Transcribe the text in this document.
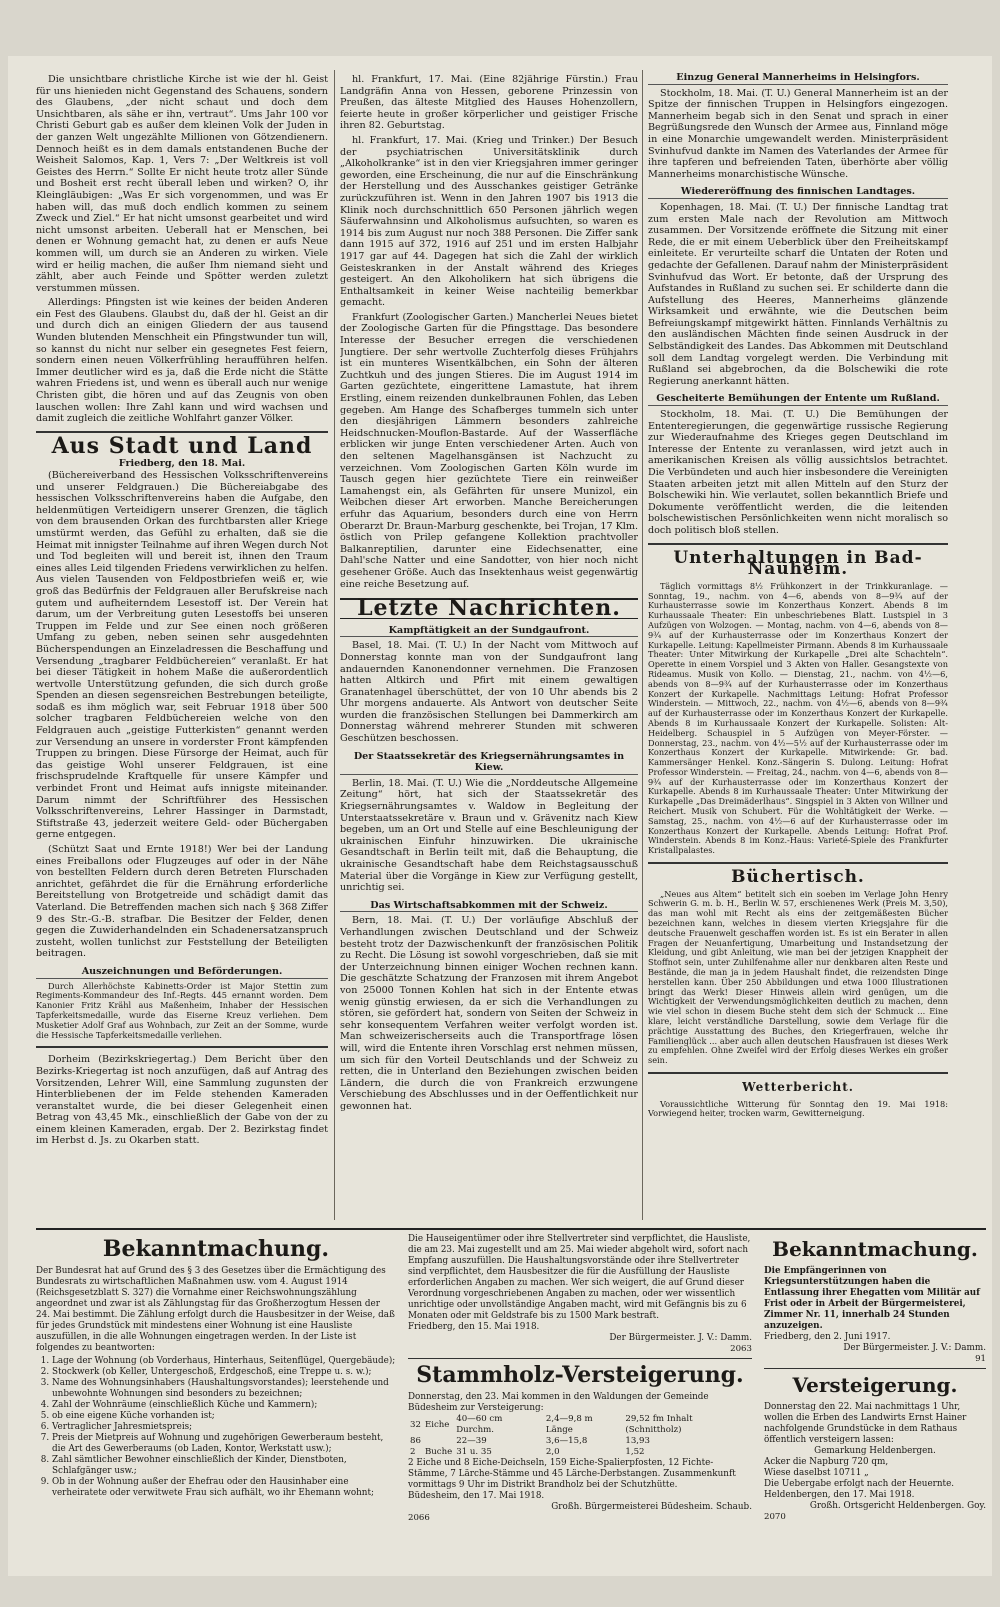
Die unsichtbare christliche Kirche ist wie der hl. Geist für uns hienieden nicht Gegenstand des Schauens, sondern des Glaubens, „der nicht schaut und doch dem Unsichtbaren, als sähe er ihn, vertraut“. Ums Jahr 100 vor Christi Geburt gab es außer dem kleinen Volk der Juden in der ganzen Welt ungezählte Millionen von Götzendienern. Dennoch heißt es in dem damals entstandenen Buche der Weisheit Salomos, Kap. 1, Vers 7: „Der Weltkreis ist voll Geistes des Herrn.“ Sollte Er nicht heute trotz aller Sünde und Bosheit erst recht überall leben und wirken? O, ihr Kleingläubigen: „Was Er sich vorgenommen, und was Er haben will, das muß doch endlich kommen zu seinem Zweck und Ziel.“ Er hat nicht umsonst gearbeitet und wird nicht umsonst arbeiten. Ueberall hat er Menschen, bei denen er Wohnung gemacht hat, zu denen er aufs Neue kommen will, um durch sie an Anderen zu wirken. Viele wird er heilig machen, die außer Ihm niemand sieht und zählt, aber auch Feinde und Spötter werden zuletzt verstummen müssen.

Allerdings: Pfingsten ist wie keines der beiden Anderen ein Fest des Glaubens. Glaubst du, daß der hl. Geist an dir und durch dich an einigen Gliedern der aus tausend Wunden blutenden Menschheit ein Pfingstwunder tun will, so kannst du nicht nur selber ein gesegnetes Fest feiern, sondern einen neuen Völkerfrühling heraufführen helfen. Immer deutlicher wird es ja, daß die Erde nicht die Stätte wahren Friedens ist, und wenn es überall auch nur wenige Christen gibt, die hören und auf das Zeugnis von oben lauschen wollen: Ihre Zahl kann und wird wachsen und damit zugleich die zeitliche Wohlfahrt ganzer Völker.

Aus Stadt und Land
Friedberg, den 18. Mai.

(Büchereiverband des Hessischen Volksschriftenvereins und unserer Feldgrauen.) Die Büchereiabgabe des hessischen Volksschriftenvereins haben die Aufgabe, den heldenmütigen Verteidigern unserer Grenzen, die täglich von dem brausenden Orkan des furchtbarsten aller Kriege umstürmt werden, das Gefühl zu erhalten, daß sie die Heimat mit innigster Teilnahme auf ihren Wegen durch Not und Tod begleiten will und bereit ist, ihnen den Traum eines alles Leid tilgenden Friedens verwirklichen zu helfen. Aus vielen Tausenden von Feldpostbriefen weiß er, wie groß das Bedürfnis der Feldgrauen aller Berufskreise nach gutem und aufheiterndem Lesestoff ist. Der Verein hat darum, um der Verbreitung guten Lesestoffs bei unseren Truppen im Felde und zur See einen noch größeren Umfang zu geben, neben seinen sehr ausgedehnten Bücherspendungen an Einzeladressen die Beschaffung und Versendung „tragbarer Feldbüchereien“ veranlaßt. Er hat bei dieser Tätigkeit in hohem Maße die außerordentlich wertvolle Unterstützung gefunden, die sich durch große Spenden an diesen segensreichen Bestrebungen beteiligte, sodaß es ihm möglich war, seit Februar 1918 über 500 solcher tragbaren Feldbüchereien welche von den Feldgrauen auch „geistige Futterkisten“ genannt werden zur Versendung an unsere in vorderster Front kämpfenden Truppen zu bringen. Diese Fürsorge der Heimat, auch für das geistige Wohl unserer Feldgrauen, ist eine frischsprudelnde Kraftquelle für unsere Kämpfer und verbindet Front und Heimat aufs innigste miteinander. Darum nimmt der Schriftführer des Hessischen Volksschriftenvereins, Lehrer Hassinger in Darmstadt, Stiftstraße 43, jederzeit weitere Geld- oder Büchergaben gerne entgegen.

(Schützt Saat und Ernte 1918!) Wer bei der Landung eines Freiballons oder Flugzeuges auf oder in der Nähe von bestellten Feldern durch deren Betreten Flurschaden anrichtet, gefährdet die für die Ernährung erforderliche Bereitstellung von Brotgetreide und schädigt damit das Vaterland. Die Betreffenden machen sich nach § 368 Ziffer 9 des Str.-G.-B. strafbar. Die Besitzer der Felder, denen gegen die Zuwiderhandelnden ein Schadenersatzanspruch zusteht, wollen tunlichst zur Feststellung der Beteiligten beitragen.

Auszeichnungen und Beförderungen.

Durch Allerhöchste Kabinetts-Order ist Major Stettin zum Regiments-Kommandeur des Inf.-Regts. 445 ernannt worden. Dem Kanonier Fritz Krähl aus Maßenheim, Inhaber der Hessischen Tapferkeitsmedaille, wurde das Eiserne Kreuz verliehen. Dem Musketier Adolf Graf aus Wohnbach, zur Zeit an der Somme, wurde die Hessische Tapferkeitsmedaille verliehen.

Dorheim (Bezirkskriegertag.) Dem Bericht über den Bezirks-Kriegertag ist noch anzufügen, daß auf Antrag des Vorsitzenden, Lehrer Will, eine Sammlung zugunsten der Hinterbliebenen der im Felde stehenden Kameraden veranstaltet wurde, die bei dieser Gelegenheit einen Betrag von 43,45 Mk., einschließlich der Gabe von der zu einem kleinen Kameraden, ergab. Der 2. Bezirkstag findet im Herbst d. Js. zu Okarben statt.

hl. Frankfurt, 17. Mai. (Eine 82jährige Fürstin.) Frau Landgräfin Anna von Hessen, geborene Prinzessin von Preußen, das älteste Mitglied des Hauses Hohenzollern, feierte heute in großer körperlicher und geistiger Frische ihren 82. Geburtstag.

hl. Frankfurt, 17. Mai. (Krieg und Trinker.) Der Besuch der psychiatrischen Universitätsklinik durch „Alkoholkranke“ ist in den vier Kriegsjahren immer geringer geworden, eine Erscheinung, die nur auf die Einschränkung der Herstellung und des Ausschankes geistiger Getränke zurückzuführen ist. Wenn in den Jahren 1907 bis 1913 die Klinik noch durchschnittlich 650 Personen jährlich wegen Säuferwahnsinn und Alkoholismus aufsuchten, so waren es 1914 bis zum August nur noch 388 Personen. Die Ziffer sank dann 1915 auf 372, 1916 auf 251 und im ersten Halbjahr 1917 gar auf 44. Dagegen hat sich die Zahl der wirklich Geisteskranken in der Anstalt während des Krieges gesteigert. An den Alkoholikern hat sich übrigens die Enthaltsamkeit in keiner Weise nachteilig bemerkbar gemacht.

Frankfurt (Zoologischer Garten.) Mancherlei Neues bietet der Zoologische Garten für die Pfingsttage. Das besondere Interesse der Besucher erregen die verschiedenen Jungtiere. Der sehr wertvolle Zuchterfolg dieses Frühjahrs ist ein munteres Wisentkälbchen, ein Sohn der älteren Zuchtkuh und des jungen Stieres. Die im August 1914 im Garten gezüchtete, eingerittene Lamastute, hat ihrem Erstling, einem reizenden dunkelbraunen Fohlen, das Leben gegeben. Am Hange des Schafberges tummeln sich unter den diesjährigen Lämmern besonders zahlreiche Heidschnucken-Mouflon-Bastarde. Auf der Wasserfläche erblicken wir junge Enten verschiedener Arten. Auch von den seltenen Magelhansgänsen ist Nachzucht zu verzeichnen. Vom Zoologischen Garten Köln wurde im Tausch gegen hier gezüchtete Tiere ein reinweißer Lamahengst ein, als Gefährten für unsere Munizol, ein Weibchen dieser Art erworben. Manche Bereicherungen erfuhr das Aquarium, besonders durch eine von Herrn Oberarzt Dr. Braun-Marburg geschenkte, bei Trojan, 17 Klm. östlich von Prilep gefangene Kollektion prachtvoller Balkanreptilien, darunter eine Eidechsenatter, eine Dahl'sche Natter und eine Sandotter, von hier noch nicht gesehener Größe. Auch das Insektenhaus weist gegenwärtig eine reiche Besetzung auf.

Letzte Nachrichten.
Kampftätigkeit an der Sundgaufront.

Basel, 18. Mai. (T. U.) In der Nacht vom Mittwoch auf Donnerstag konnte man von der Sundgaufront lang andauernden Kanonendonner vernehmen. Die Franzosen hatten Altkirch und Pfirt mit einem gewaltigen Granatenhagel überschüttet, der von 10 Uhr abends bis 2 Uhr morgens andauerte. Als Antwort von deutscher Seite wurden die französischen Stellungen bei Dammerkirch am Donnerstag während mehrerer Stunden mit schweren Geschützen beschossen.

Der Staatssekretär des Kriegsernährungsamtes in Kiew.

Berlin, 18. Mai. (T. U.) Wie die „Norddeutsche Allgemeine Zeitung“ hört, hat sich der Staatssekretär des Kriegsernährungsamtes v. Waldow in Begleitung der Unterstaatssekretäre v. Braun und v. Grävenitz nach Kiew begeben, um an Ort und Stelle auf eine Beschleunigung der ukrainischen Einfuhr hinzuwirken. Die ukrainische Gesandtschaft in Berlin teilt mit, daß die Behauptung, die ukrainische Gesandtschaft habe dem Reichstagsausschuß Material über die Vorgänge in Kiew zur Verfügung gestellt, unrichtig sei.

Das Wirtschaftsabkommen mit der Schweiz.

Bern, 18. Mai. (T. U.) Der vorläufige Abschluß der Verhandlungen zwischen Deutschland und der Schweiz besteht trotz der Dazwischenkunft der französischen Politik zu Recht. Die Lösung ist sowohl vorgeschrieben, daß sie mit der Unterzeichnung binnen einiger Wochen rechnen kann. Die geschätzte Schatzung der Franzosen mit ihrem Angebot von 25000 Tonnen Kohlen hat sich in der Entente etwas wenig günstig erwiesen, da er sich die Verhandlungen zu stören, sie gefördert hat, sondern von Seiten der Schweiz in sehr konsequentem Verfahren weiter verfolgt worden ist. Man schweizerischerseits auch die Transportfrage lösen will, wird die Entente ihren Vorschlag erst nehmen müssen, um sich für den Vorteil Deutschlands und der Schweiz zu retten, die in Unterland den Beziehungen zwischen beiden Ländern, die durch die von Frankreich erzwungene Verschiebung des Abschlusses und in der Oeffentlichkeit nur gewonnen hat.

Einzug General Mannerheims in Helsingfors.

Stockholm, 18. Mai. (T. U.) General Mannerheim ist an der Spitze der finnischen Truppen in Helsingfors eingezogen. Mannerheim begab sich in den Senat und sprach in einer Begrüßungsrede den Wunsch der Armee aus, Finnland möge in eine Monarchie umgewandelt werden. Ministerpräsident Svinhufvud dankte im Namen des Vaterlandes der Armee für ihre tapferen und befreienden Taten, überhörte aber völlig Mannerheims monarchistische Wünsche.

Wiedereröffnung des finnischen Landtages.

Kopenhagen, 18. Mai. (T. U.) Der finnische Landtag trat zum ersten Male nach der Revolution am Mittwoch zusammen. Der Vorsitzende eröffnete die Sitzung mit einer Rede, die er mit einem Ueberblick über den Freiheitskampf einleitete. Er verurteilte scharf die Untaten der Roten und gedachte der Gefallenen. Darauf nahm der Ministerpräsident Svinhufvud das Wort. Er betonte, daß der Ursprung des Aufstandes in Rußland zu suchen sei. Er schilderte dann die Aufstellung des Heeres, Mannerheims glänzende Wirksamkeit und erwähnte, wie die Deutschen beim Befreiungskampf mitgewirkt hätten. Finnlands Verhältnis zu den ausländischen Mächten finde seinen Ausdruck in der Selbständigkeit des Landes. Das Abkommen mit Deutschland soll dem Landtag vorgelegt werden. Die Verbindung mit Rußland sei abgebrochen, da die Bolschewiki die rote Regierung anerkannt hätten.

Gescheiterte Bemühungen der Entente um Rußland.

Stockholm, 18. Mai. (T. U.) Die Bemühungen der Ententeregierungen, die gegenwärtige russische Regierung zur Wiederaufnahme des Krieges gegen Deutschland im Interesse der Entente zu veranlassen, wird jetzt auch in amerikanischen Kreisen als völlig aussichtslos betrachtet. Die Verbündeten und auch hier insbesondere die Vereinigten Staaten arbeiten jetzt mit allen Mitteln auf den Sturz der Bolschewiki hin. Wie verlautet, sollen bekanntlich Briefe und Dokumente veröffentlicht werden, die die leitenden bolschewistischen Persönlichkeiten wenn nicht moralisch so doch politisch bloß stellen.

Unterhaltungen in Bad-Nauheim.

Täglich vormittags 8½ Frühkonzert in der Trinkkuranlage. — Sonntag, 19., nachm. von 4—6, abends von 8—9¾ auf der Kurhausterrasse sowie im Konzerthaus Konzert. Abends 8 im Kurhaussaale Theater: Ein unbeschriebenes Blatt. Lustspiel in 3 Aufzügen von Wolzogen. — Montag, nachm. von 4—6, abends von 8—9¾ auf der Kurhausterrasse oder im Konzerthaus Konzert der Kurkapelle. Leitung: Kapellmeister Pirmann. Abends 8 im Kurhaussaale Theater: Unter Mitwirkung der Kurkapelle „Drei alte Schachteln“. Operette in einem Vorspiel und 3 Akten von Haller. Gesangstexte von Rideamus. Musik von Kollo. — Dienstag, 21., nachm. von 4½—6, abends von 8—9¾ auf der Kurhausterrasse oder im Konzerthaus Konzert der Kurkapelle. Nachmittags Leitung: Hofrat Professor Winderstein. — Mittwoch, 22., nachm. von 4½—6, abends von 8—9¾ auf der Kurhausterrasse oder im Konzerthaus Konzert der Kurkapelle. Abends 8 im Kurhaussaale Konzert der Kurkapelle. Solisten: Alt-Heidelberg. Schauspiel in 5 Aufzügen von Meyer-Förster. — Donnerstag, 23., nachm. von 4½—5½ auf der Kurhausterrasse oder im Konzerthaus Konzert der Kurkapelle. Mitwirkende: Gr. bad. Kammersänger Henkel. Konz.-Sängerin S. Dulong. Leitung: Hofrat Professor Winderstein. — Freitag, 24., nachm. von 4—6, abends von 8—9¾ auf der Kurhausterrasse oder im Konzerthaus Konzert der Kurkapelle. Abends 8 im Kurhaussaale Theater: Unter Mitwirkung der Kurkapelle „Das Dreimäderlhaus“. Singspiel in 3 Akten von Willner und Reichert. Musik von Schubert. Für die Wohltätigkeit der Werke. — Samstag, 25., nachm. von 4½—6 auf der Kurhausterrasse oder im Konzerthaus Konzert der Kurkapelle. Abends Leitung: Hofrat Prof. Winderstein. Abends 8 im Konz.-Haus: Varieté-Spiele des Frankfurter Kristallpalastes.

Büchertisch.

„Neues aus Altem“ betitelt sich ein soeben im Verlage John Henry Schwerin G. m. b. H., Berlin W. 57, erschienenes Werk (Preis M. 3,50), das man wohl mit Recht als eins der zeitgemäßesten Bücher bezeichnen kann, welches in diesem vierten Kriegsjahre für die deutsche Frauenwelt geschaffen worden ist. Es ist ein Berater in allen Fragen der Neuanfertigung, Umarbeitung und Instandsetzung der Kleidung, und gibt Anleitung, wie man bei der jetzigen Knappheit der Stoffnot sein, unter Zuhilfenahme aller nur denkbaren alten Reste und Bestände, die man ja in jedem Haushalt findet, die reizendsten Dinge herstellen kann. Über 250 Abbildungen und etwa 1000 Illustrationen bringt das Werk! Dieser Hinweis allein wird genügen, um die Wichtigkeit der Verwendungsmöglichkeiten deutlich zu machen, denn wie viel schon in diesem Buche steht dem sich der Schmuck ... Eine klare, leicht verständliche Darstellung, sowie dem Verlage für die prächtige Ausstattung des Buches, den Kriegerfrauen, welche ihr Familienglück ... aber auch allen deutschen Hausfrauen ist dieses Werk zu empfehlen. Ohne Zweifel wird der Erfolg dieses Werkes ein großer sein.

Wetterbericht.

Voraussichtliche Witterung für Sonntag den 19. Mai 1918: Vorwiegend heiter, trocken warm, Gewitterneigung.

Bekanntmachung.
Der Bundesrat hat auf Grund des § 3 des Gesetzes über die Ermächtigung des Bundesrats zu wirtschaftlichen Maßnahmen usw. vom 4. August 1914 (Reichsgesetzblatt S. 327) die Vornahme einer Reichswohnungszählung angeordnet und zwar ist als Zählungstag für das Großherzogtum Hessen der 24. Mai bestimmt. Die Zählung erfolgt durch die Hausbesitzer in der Weise, daß für jedes Grundstück mit mindestens einer Wohnung ist eine Hausliste auszufüllen, in die alle Wohnungen eingetragen werden. In der Liste ist folgendes zu beantworten:
1. Lage der Wohnung (ob Vorderhaus, Hinterhaus, Seitenflügel, Quergebäude);
2. Stockwerk (ob Keller, Untergeschoß, Erdgeschoß, eine Treppe u. s. w.);
3. Name des Wohnungsinhabers (Haushaltungsvorstandes); leerstehende und unbewohnte Wohnungen sind besonders zu bezeichnen;
4. Zahl der Wohnräume (einschließlich Küche und Kammern);
5. ob eine eigene Küche vorhanden ist;
6. Vertraglicher Jahresmietspreis;
7. Preis der Mietpreis auf Wohnung und zugehörigen Gewerberaum besteht, die Art des Gewerberaums (ob Laden, Kontor, Werkstatt usw.);
8. Zahl sämtlicher Bewohner einschließlich der Kinder, Dienstboten, Schlafgänger usw.;
9. Ob in der Wohnung außer der Ehefrau oder den Hausinhaber eine verheiratete oder verwitwete Frau sich aufhält, wo ihr Ehemann wohnt;
Die Hauseigentümer oder ihre Stellvertreter sind verpflichtet, die Hausliste, die am 23. Mai zugestellt und am 25. Mai wieder abgeholt wird, sofort nach Empfang auszufüllen. Die Haushaltungsvorstände oder ihre Stellvertreter sind verpflichtet, dem Hausbesitzer die für die Ausfüllung der Hausliste erforderlichen Angaben zu machen. Wer sich weigert, die auf Grund dieser Verordnung vorgeschriebenen Angaben zu machen, oder wer wissentlich unrichtige oder unvollständige Angaben macht, wird mit Gefängnis bis zu 6 Monaten oder mit Geldstrafe bis zu 1500 Mark bestraft.
Friedberg, den 15. Mai 1918.
Der Bürgermeister. J. V.: Damm.
2063
Stammholz-Versteigerung.
Donnerstag, den 23. Mai kommen in den Waldungen der Gemeinde Büdesheim zur Versteigerung:
32	Eiche	40—60 cm Durchm.	2,4—9,8 m Länge	29,52 fm Inhalt (Schnittholz)
86		22—39	3,6—15,8	13,93
2	Buche	31 u. 35	2,0	1,52
2 Eiche und 8 Eiche-Deichseln, 159 Eiche-Spalierpfosten, 12 Fichte-Stämme, 7 Lärche-Stämme und 45 Lärche-Derbstangen. Zusammenkunft vormittags 9 Uhr im Distrikt Brandholz bei der Schutzhütte.
Büdesheim, den 17. Mai 1918.
Großh. Bürgermeisterei Büdesheim. Schaub.
2066
Bekanntmachung.
Die Empfängerinnen von Kriegsunterstützungen haben die Entlassung ihrer Ehegatten vom Militär auf Frist oder in Arbeit der Bürgermeisterei, Zimmer Nr. 11, innerhalb 24 Stunden anzuzeigen.
Friedberg, den 2. Juni 1917.
Der Bürgermeister. J. V.: Damm.
91
Versteigerung.
Donnerstag den 22. Mai nachmittags 1 Uhr, wollen die Erben des Landwirts Ernst Hainer nachfolgende Grundstücke in dem Rathaus öffentlich versteigern lassen:
Gemarkung Heldenbergen.
Acker die Napburg 720 qm,
Wiese daselbst 10711 „
Die Uebergabe erfolgt nach der Heuernte.
Heldenbergen, den 17. Mai 1918.
Großh. Ortsgericht Heldenbergen. Goy.
2070
